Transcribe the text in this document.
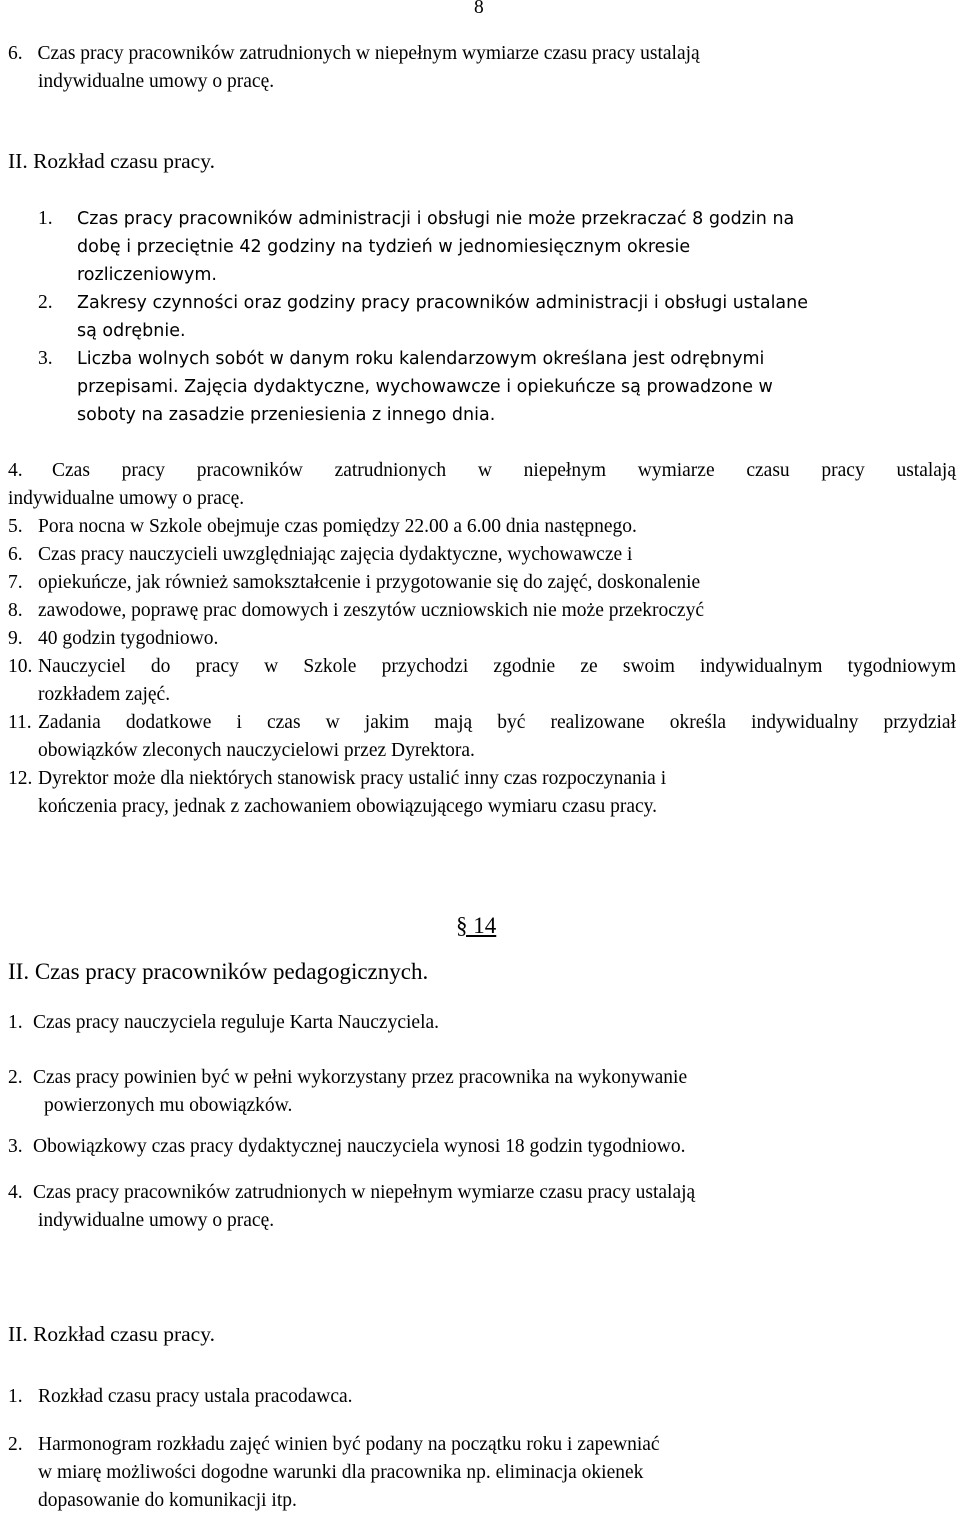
8
6. Czas pracy pracowników zatrudnionych w niepełnym wymiarze czasu pracy ustalają
indywidualne umowy o pracę.
II. Rozkład czasu pracy.
1. Czas pracy pracowników administracji i obsługi nie może przekraczać 8 godzin na
dobę i przeciętnie 42 godziny na tydzień w jednomiesięcznym okresie
rozliczeniowym.
2. Zakresy czynności oraz godziny pracy pracowników administracji i obsługi ustalane
są odrębnie.
3. Liczba wolnych sobót w danym roku kalendarzowym określana jest odrębnymi
przepisami. Zajęcia dydaktyczne, wychowawcze i opiekuńcze są prowadzone w
soboty na zasadzie przeniesienia z innego dnia.
4. Czas pracy pracowników zatrudnionych w niepełnym wymiarze czasu pracy ustalają
indywidualne umowy o pracę.
5. Pora nocna w Szkole obejmuje czas pomiędzy 22.00 a 6.00 dnia następnego.
6. Czas pracy nauczycieli uwzględniając zajęcia dydaktyczne, wychowawcze i
7. opiekuńcze, jak również samokształcenie i przygotowanie się do zajęć, doskonalenie
8. zawodowe, poprawę prac domowych i zeszytów uczniowskich nie może przekroczyć
9. 40 godzin tygodniowo.
10. Nauczyciel do pracy w Szkole przychodzi zgodnie ze swoim indywidualnym tygodniowym
rozkładem zajęć.
11. Zadania dodatkowe i czas w jakim mają być realizowane określa indywidualny przydział
obowiązków zleconych nauczycielowi przez Dyrektora.
12. Dyrektor może dla niektórych stanowisk pracy ustalić inny czas rozpoczynania i
kończenia pracy, jednak z zachowaniem obowiązującego wymiaru czasu pracy.
§ 14
II. Czas pracy pracowników pedagogicznych.
1. Czas pracy nauczyciela reguluje Karta Nauczyciela.
2. Czas pracy powinien być w pełni wykorzystany przez pracownika na wykonywanie
powierzonych mu obowiązków.
3. Obowiązkowy czas pracy dydaktycznej nauczyciela wynosi 18 godzin tygodniowo.
4. Czas pracy pracowników zatrudnionych w niepełnym wymiarze czasu pracy ustalają
indywidualne umowy o pracę.
II. Rozkład czasu pracy.
1. Rozkład czasu pracy ustala pracodawca.
2. Harmonogram rozkładu zajęć winien być podany na początku roku i zapewniać
w miarę możliwości dogodne warunki dla pracownika np. eliminacja okienek
dopasowanie do komunikacji itp.
